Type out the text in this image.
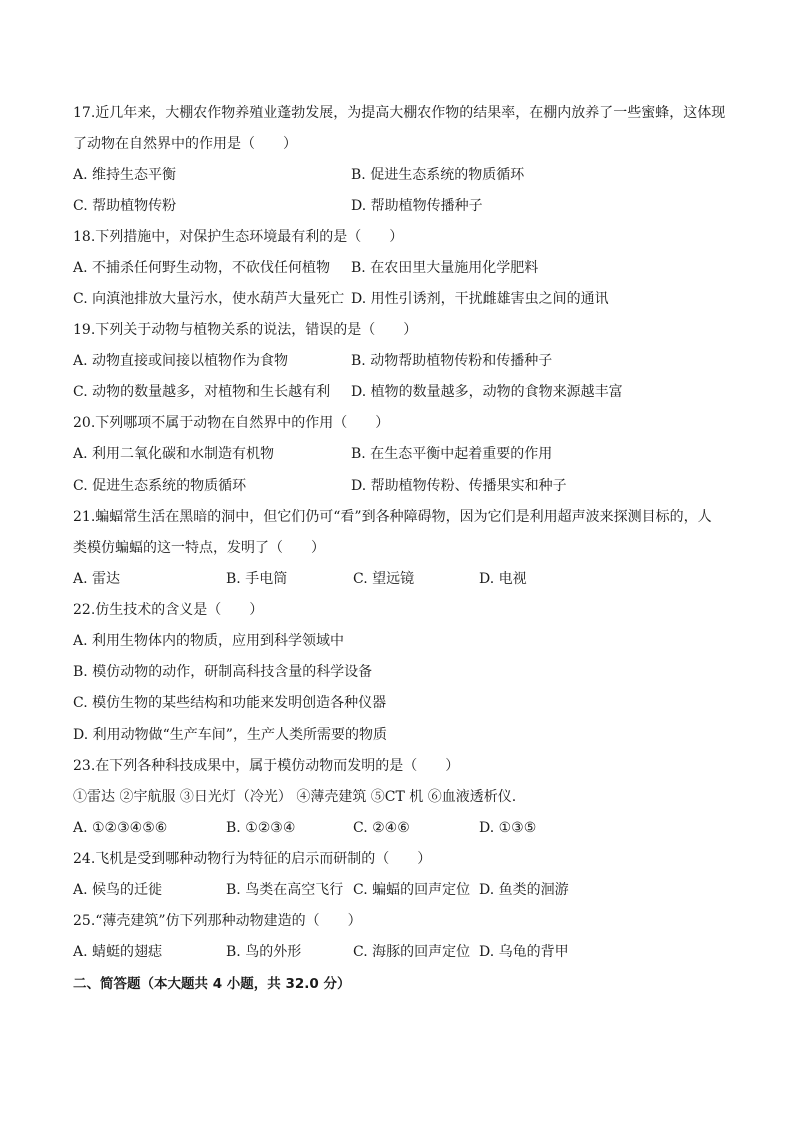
17.近几年来，大棚农作物养殖业蓬勃发展，为提高大棚农作物的结果率，在棚内放养了一些蜜蜂，这体现
了动物在自然界中的作用是（　　）
A. 维持生态平衡	B. 促进生态系统的物质循环
C. 帮助植物传粉	D. 帮助植物传播种子
18.下列措施中，对保护生态环境最有利的是（　　）
A. 不捕杀任何野生动物，不砍伐任何植物 B. 在农田里大量施用化学肥料
C. 向滇池排放大量污水，使水葫芦大量死亡 D. 用性引诱剂，干扰雌雄害虫之间的通讯
19.下列关于动物与植物关系的说法，错误的是（　　）
A. 动物直接或间接以植物作为食物	B. 动物帮助植物传粉和传播种子
C. 动物的数量越多，对植物和生长越有利 D. 植物的数量越多，动物的食物来源越丰富
20.下列哪项不属于动物在自然界中的作用（　　）
A. 利用二氧化碳和水制造有机物	B. 在生态平衡中起着重要的作用
C. 促进生态系统的物质循环	D. 帮助植物传粉、传播果实和种子
21.蝙蝠常生活在黑暗的洞中，但它们仍可“看”到各种障碍物，因为它们是利用超声波来探测目标的，人
类模仿蝙蝠的这一特点，发明了（　　）
A. 雷达	B. 手电筒	C. 望远镜	D. 电视
22.仿生技术的含义是（　　）
A. 利用生物体内的物质，应用到科学领域中
B. 模仿动物的动作，研制高科技含量的科学设备
C. 模仿生物的某些结构和功能来发明创造各种仪器
D. 利用动物做“生产车间”，生产人类所需要的物质
23.在下列各种科技成果中，属于模仿动物而发明的是（　　）
①雷达 ②宇航服 ③日光灯（冷光） ④薄壳建筑 ⑤CT 机 ⑥血液透析仪.
A. ①②③④⑤⑥	B. ①②③④	C. ②④⑥	D. ①③⑤
24.飞机是受到哪种动物行为特征的启示而研制的（　　）
A. 候鸟的迁徙	B. 鸟类在高空飞行 C. 蝙蝠的回声定位 D. 鱼类的洄游
25.“薄壳建筑”仿下列那种动物建造的（　　）
A. 蜻蜓的翅痣	B. 鸟的外形	C. 海豚的回声定位 D. 乌龟的背甲
二、简答题（本大题共 4 小题，共 32.0 分）
